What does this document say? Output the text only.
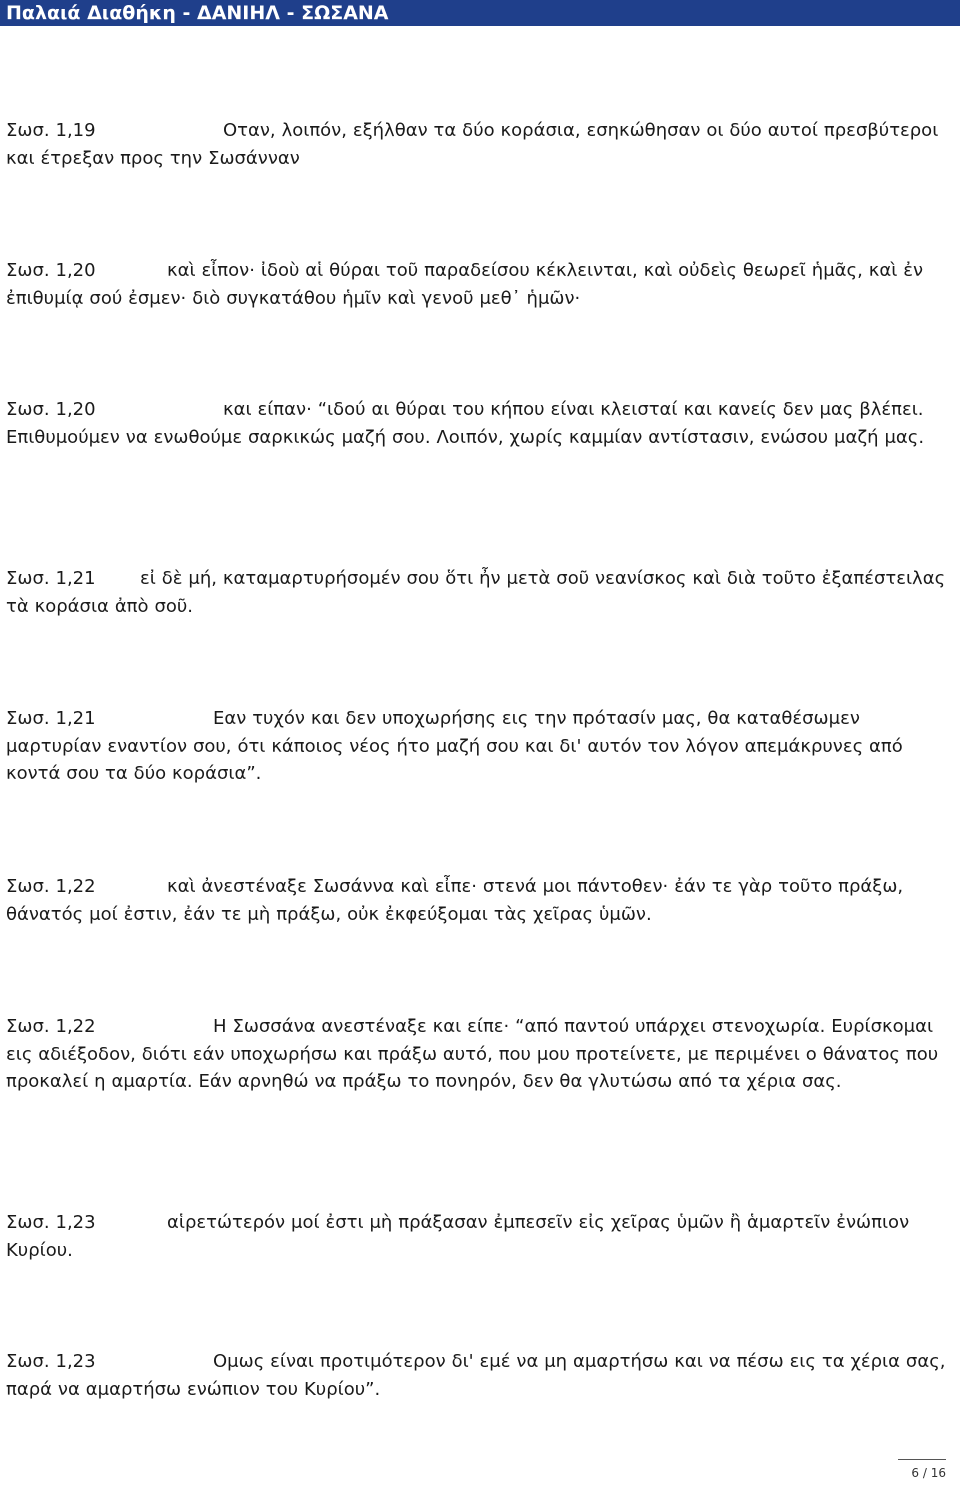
Παλαιά Διαθήκη - ΔΑΝΙΗΛ - ΣΩΣΑΝΑ
Σωσ. 1,19	Οταν, λοιπόν, εξήλθαν τα δύο κοράσια, εσηκώθησαν οι δύο αυτοί πρεσβύτεροι και έτρεξαν προς την Σωσάνναν
Σωσ. 1,20	καὶ εἶπον· ἰδοὺ αἱ θύραι τοῦ παραδείσου κέκλεινται, καὶ οὐδεὶς θεωρεῖ ἡμᾶς, καὶ ἐν ἐπιθυμίᾳ σού ἐσμεν· διὸ συγκατάθου ἡμῖν καὶ γενοῦ μεθ᾿ ἡμῶν·
Σωσ. 1,20	και είπαν· “ιδού αι θύραι του κήπου είναι κλεισταί και κανείς δεν μας βλέπει. Επιθυμούμεν να ενωθούμε σαρκικώς μαζή σου. Λοιπόν, χωρίς καμμίαν αντίστασιν, ενώσου μαζή μας.
Σωσ. 1,21 εἰ δὲ μή, καταμαρτυρήσομέν σου ὅτι ἦν μετὰ σοῦ νεανίσκος καὶ διὰ τοῦτο ἐξαπέστειλας τὰ κοράσια ἀπὸ σοῦ.
Σωσ. 1,21	Εαν τυχόν και δεν υποχωρήσης εις την πρότασίν μας, θα καταθέσωμεν μαρτυρίαν εναντίον σου, ότι κάποιος νέος ήτο μαζή σου και δι' αυτόν τον λόγον απεμάκρυνες από κοντά σου τα δύο κοράσια”.
Σωσ. 1,22	καὶ ἀνεστέναξε Σωσάννα καὶ εἶπε· στενά μοι πάντοθεν· ἐάν τε γὰρ τοῦτο πράξω, θάνατός μοί ἐστιν, ἐάν τε μὴ πράξω, οὐκ ἐκφεύξομαι τὰς χεῖρας ὑμῶν.
Σωσ. 1,22	Η Σωσσάνα ανεστέναξε και είπε· “από παντού υπάρχει στενοχωρία. Ευρίσκομαι εις αδιέξοδον, διότι εάν υποχωρήσω και πράξω αυτό, που μου προτείνετε, με περιμένει ο θάνατος που προκαλεί η αμαρτία. Εάν αρνηθώ να πράξω το πονηρόν, δεν θα γλυτώσω από τα χέρια σας.
Σωσ. 1,23	αἱρετώτερόν μοί ἐστι μὴ πράξασαν ἐμπεσεῖν εἰς χεῖρας ὑμῶν ἢ ἁμαρτεῖν ἐνώπιον Κυρίου.
Σωσ. 1,23	Ομως είναι προτιμότερον δι' εμέ να μη αμαρτήσω και να πέσω εις τα χέρια σας, παρά να αμαρτήσω ενώπιον του Κυρίου”.
6 / 16
